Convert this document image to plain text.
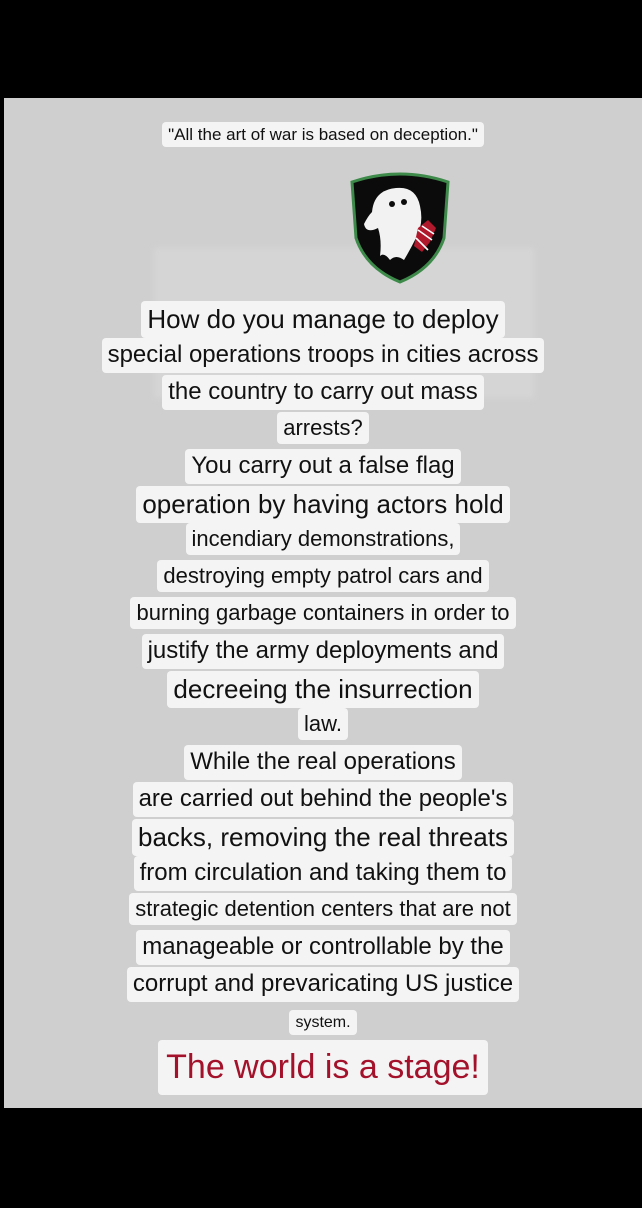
"All the art of war is based on deception."
How do you manage to deploy
special operations troops in cities across
the country to carry out mass
arrests?
You carry out a false flag
operation by having actors hold
incendiary demonstrations,
destroying empty patrol cars and
burning garbage containers in order to
justify the army deployments and
decreeing the insurrection
law.
While the real operations
are carried out behind the people's
backs, removing the real threats
from circulation and taking them to
strategic detention centers that are not
manageable or controllable by the
corrupt and prevaricating US justice
system.
The world is a stage!
